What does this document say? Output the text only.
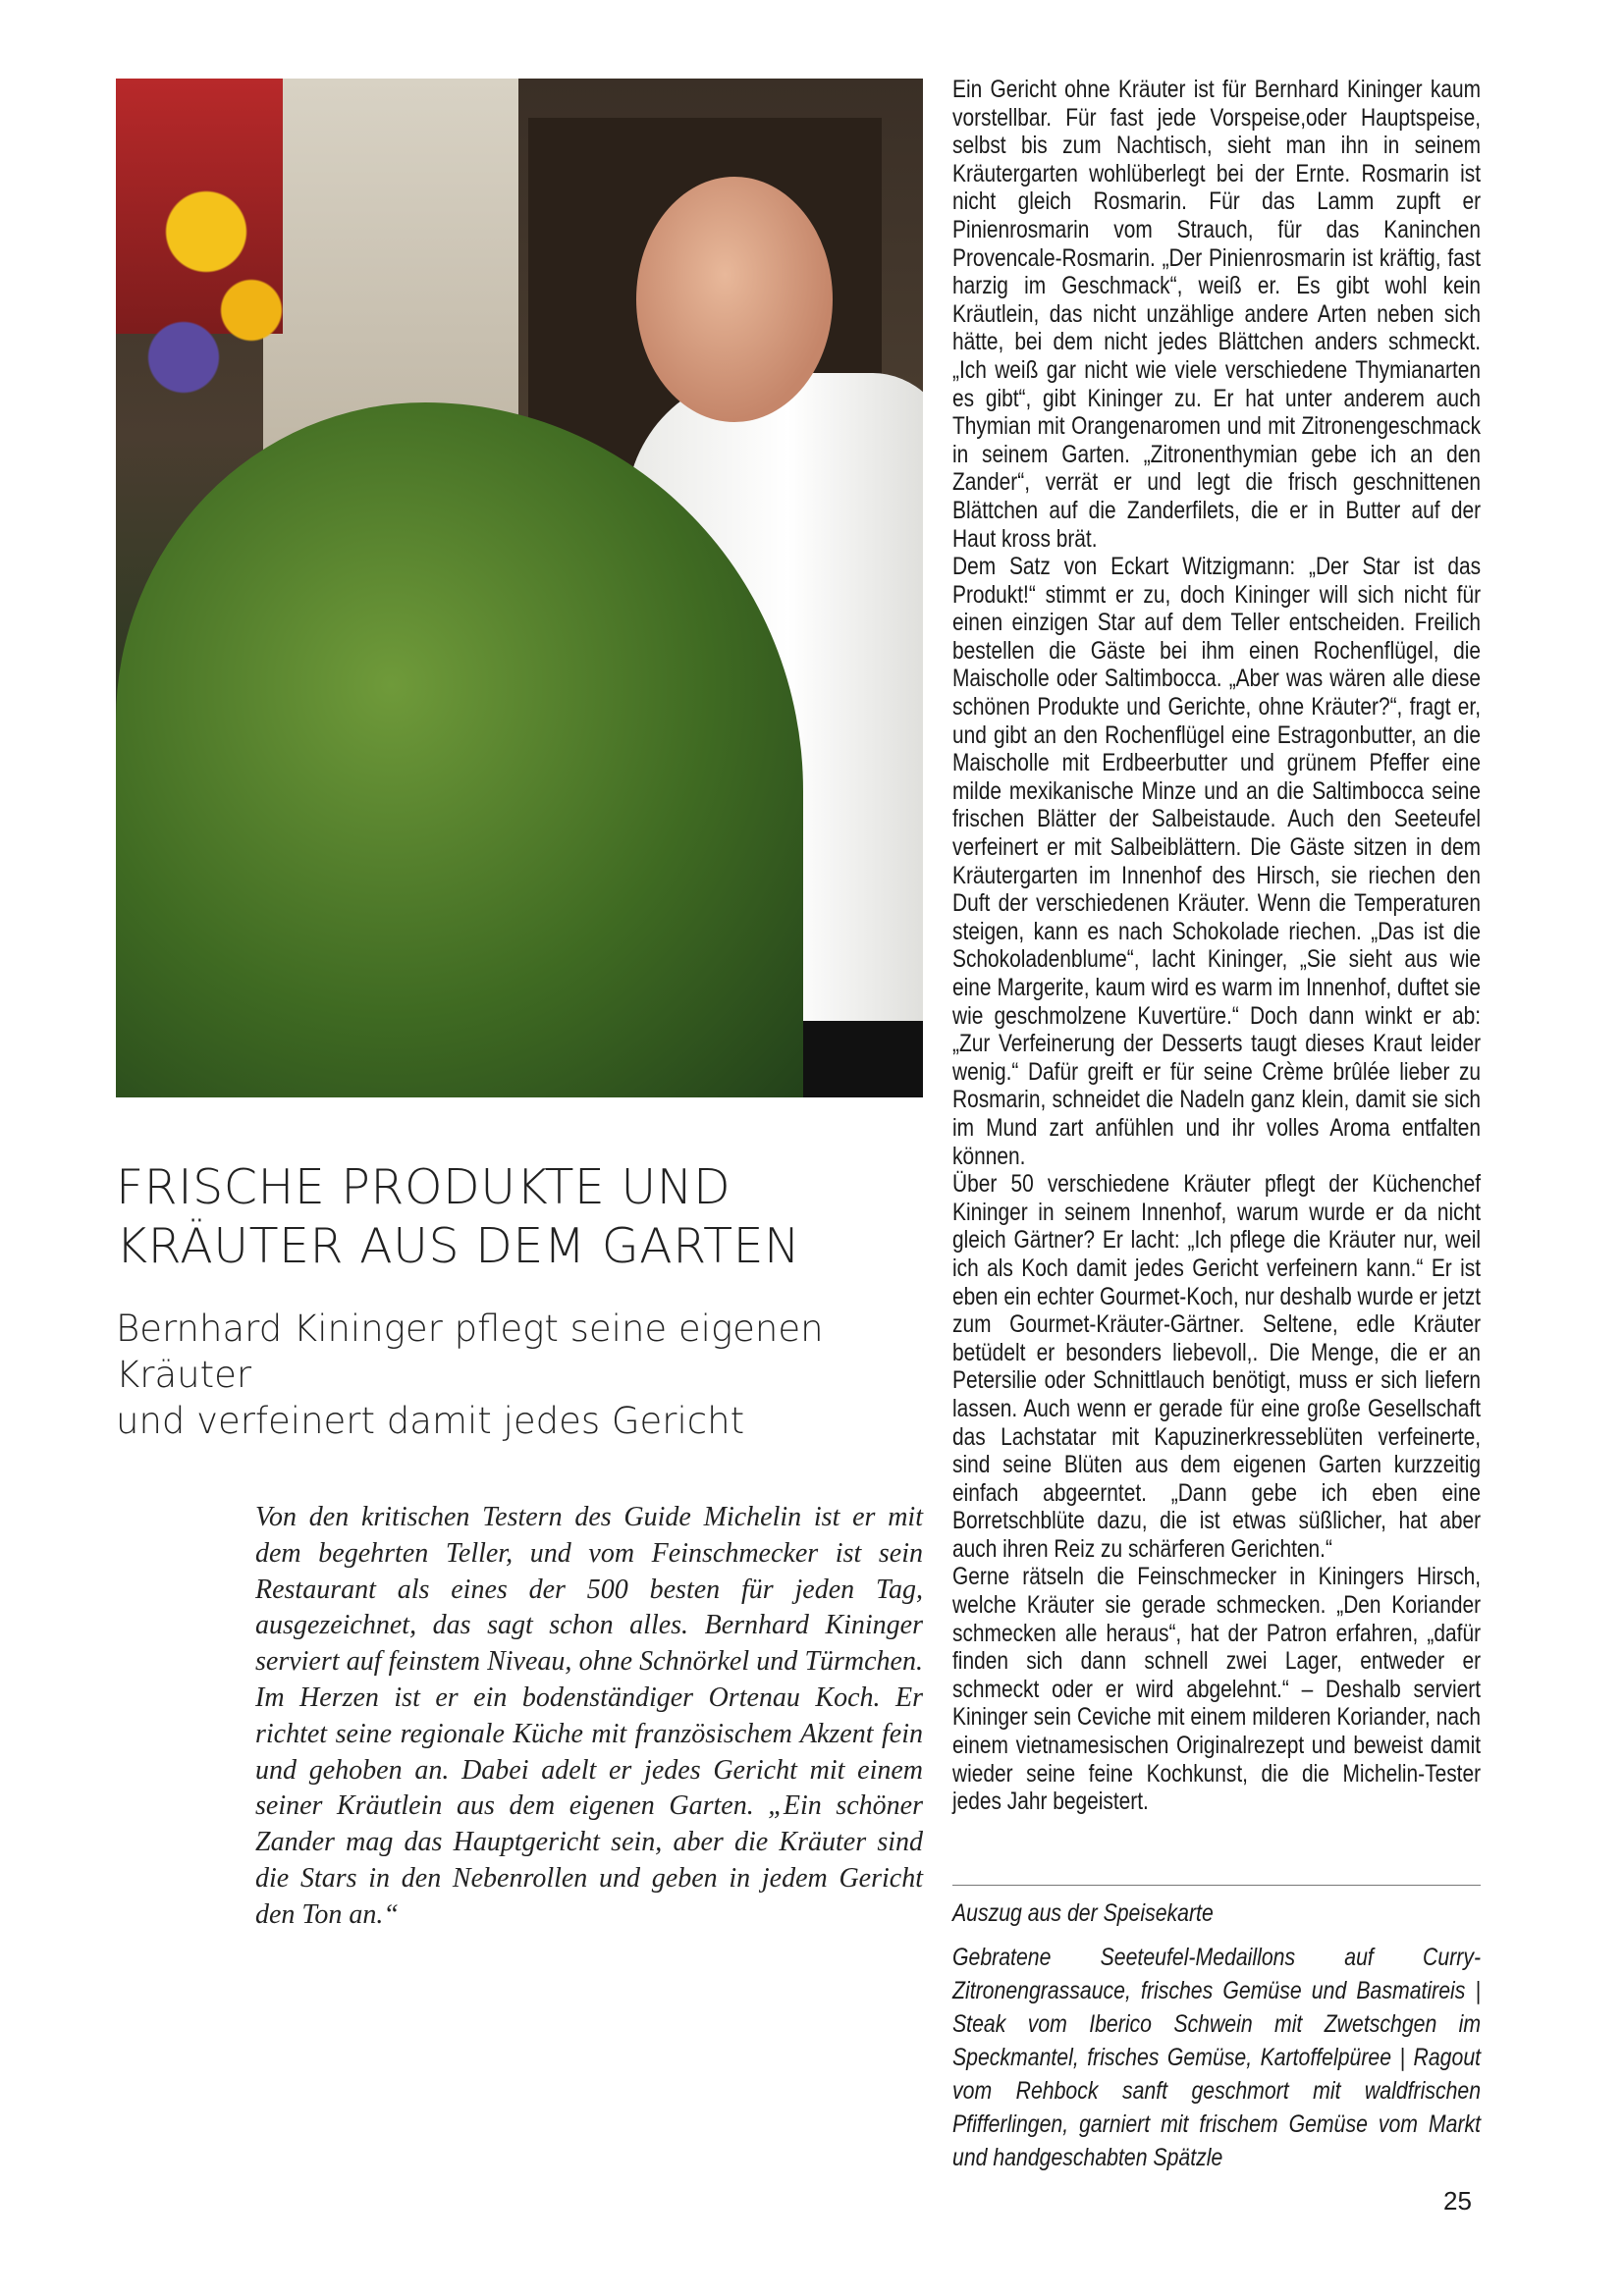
FRISCHE PRODUKTE UND
KRÄUTER AUS DEM GARTEN

Bernhard Kininger pflegt seine eigenen Kräuter
und verfeinert damit jedes Gericht

Von den kritischen Testern des Guide Michelin ist er mit dem begehrten Teller, und vom Feinschmecker ist sein Restaurant als eines der 500 besten für jeden Tag, ausgezeichnet, das sagt schon alles. Bernhard Kininger serviert auf feinstem Niveau, ohne Schnörkel und Türmchen. Im Herzen ist er ein bodenständiger Ortenau Koch. Er richtet seine regionale Küche mit französischem Akzent fein und gehoben an. Dabei adelt er jedes Gericht mit einem seiner Kräutlein aus dem eigenen Garten. „Ein schöner Zander mag das Hauptgericht sein, aber die Kräuter sind die Stars in den Nebenrollen und geben in jedem Gericht den Ton an.“

Ein Gericht ohne Kräuter ist für Bernhard Kininger kaum vorstellbar. Für fast jede Vorspeise,oder Hauptspeise, selbst bis zum Nachtisch, sieht man ihn in seinem Kräutergarten wohlüberlegt bei der Ernte. Rosmarin ist nicht gleich Rosmarin. Für das Lamm zupft er Pinienrosmarin vom Strauch, für das Kaninchen Provencale-Rosmarin. „Der Pinienrosmarin ist kräftig, fast harzig im Geschmack“, weiß er. Es gibt wohl kein Kräutlein, das nicht unzählige andere Arten neben sich hätte, bei dem nicht jedes Blättchen anders schmeckt. „Ich weiß gar nicht wie viele verschiedene Thymianarten es gibt“, gibt Kininger zu. Er hat unter anderem auch Thymian mit Orangenaromen und mit Zitronengeschmack in seinem Garten. „Zitronenthymian gebe ich an den Zander“, verrät er und legt die frisch geschnittenen Blättchen auf die Zanderfilets, die er in Butter auf der Haut kross brät.

Dem Satz von Eckart Witzigmann: „Der Star ist das Produkt!“ stimmt er zu, doch Kininger will sich nicht für einen einzigen Star auf dem Teller entscheiden. Freilich bestellen die Gäste bei ihm einen Rochenflügel, die Maischolle oder Saltimbocca. „Aber was wären alle diese schönen Produkte und Gerichte, ohne Kräuter?“, fragt er, und gibt an den Rochenflügel eine Estragonbutter, an die Maischolle mit Erdbeerbutter und grünem Pfeffer eine milde mexikanische Minze und an die Saltimbocca seine frischen Blätter der Salbeistaude. Auch den Seeteufel verfeinert er mit Salbeiblättern. Die Gäste sitzen in dem Kräutergarten im Innenhof des Hirsch, sie riechen den Duft der verschiedenen Kräuter. Wenn die Temperaturen steigen, kann es nach Schokolade riechen. „Das ist die Schokoladenblume“, lacht Kininger, „Sie sieht aus wie eine Margerite, kaum wird es warm im Innenhof, duftet sie wie geschmolzene Kuvertüre.“ Doch dann winkt er ab: „Zur Verfeinerung der Desserts taugt dieses Kraut leider wenig.“ Dafür greift er für seine Crème brûlée lieber zu Rosmarin, schneidet die Nadeln ganz klein, damit sie sich im Mund zart anfühlen und ihr volles Aroma entfalten können.

Über 50 verschiedene Kräuter pflegt der Küchenchef Kininger in seinem Innenhof, warum wurde er da nicht gleich Gärtner? Er lacht: „Ich pflege die Kräuter nur, weil ich als Koch damit jedes Gericht verfeinern kann.“ Er ist eben ein echter Gourmet-Koch, nur deshalb wurde er jetzt zum Gourmet-Kräuter-Gärtner. Seltene, edle Kräuter betüdelt er besonders liebevoll,. Die Menge, die er an Petersilie oder Schnittlauch benötigt, muss er sich liefern lassen. Auch wenn er gerade für eine große Gesellschaft das Lachstatar mit Kapuzinerkresseblüten verfeinerte, sind seine Blüten aus dem eigenen Garten kurzzeitig einfach abgeerntet. „Dann gebe ich eben eine Borretschblüte dazu, die ist etwas süßlicher, hat aber auch ihren Reiz zu schärferen Gerichten.“

Gerne rätseln die Feinschmecker in Kiningers Hirsch, welche Kräuter sie gerade schmecken. „Den Koriander schmecken alle heraus“, hat der Patron erfahren, „dafür finden sich dann schnell zwei Lager, entweder er schmeckt oder er wird abgelehnt.“ – Deshalb serviert Kininger sein Ceviche mit einem milderen Koriander, nach einem vietnamesischen Originalrezept und beweist damit wieder seine feine Kochkunst, die die Michelin-Tester jedes Jahr begeistert.

Auszug aus der Speisekarte
Gebratene Seeteufel-Medaillons auf Curry-Zitronengrassauce, frisches Gemüse und Basmatireis | Steak vom Iberico Schwein mit Zwetschgen im Speckmantel, frisches Gemüse, Kartoffelpüree | Ragout vom Rehbock sanft geschmort mit waldfrischen Pfifferlingen, garniert mit frischem Gemüse vom Markt und handgeschabten Spätzle
25
